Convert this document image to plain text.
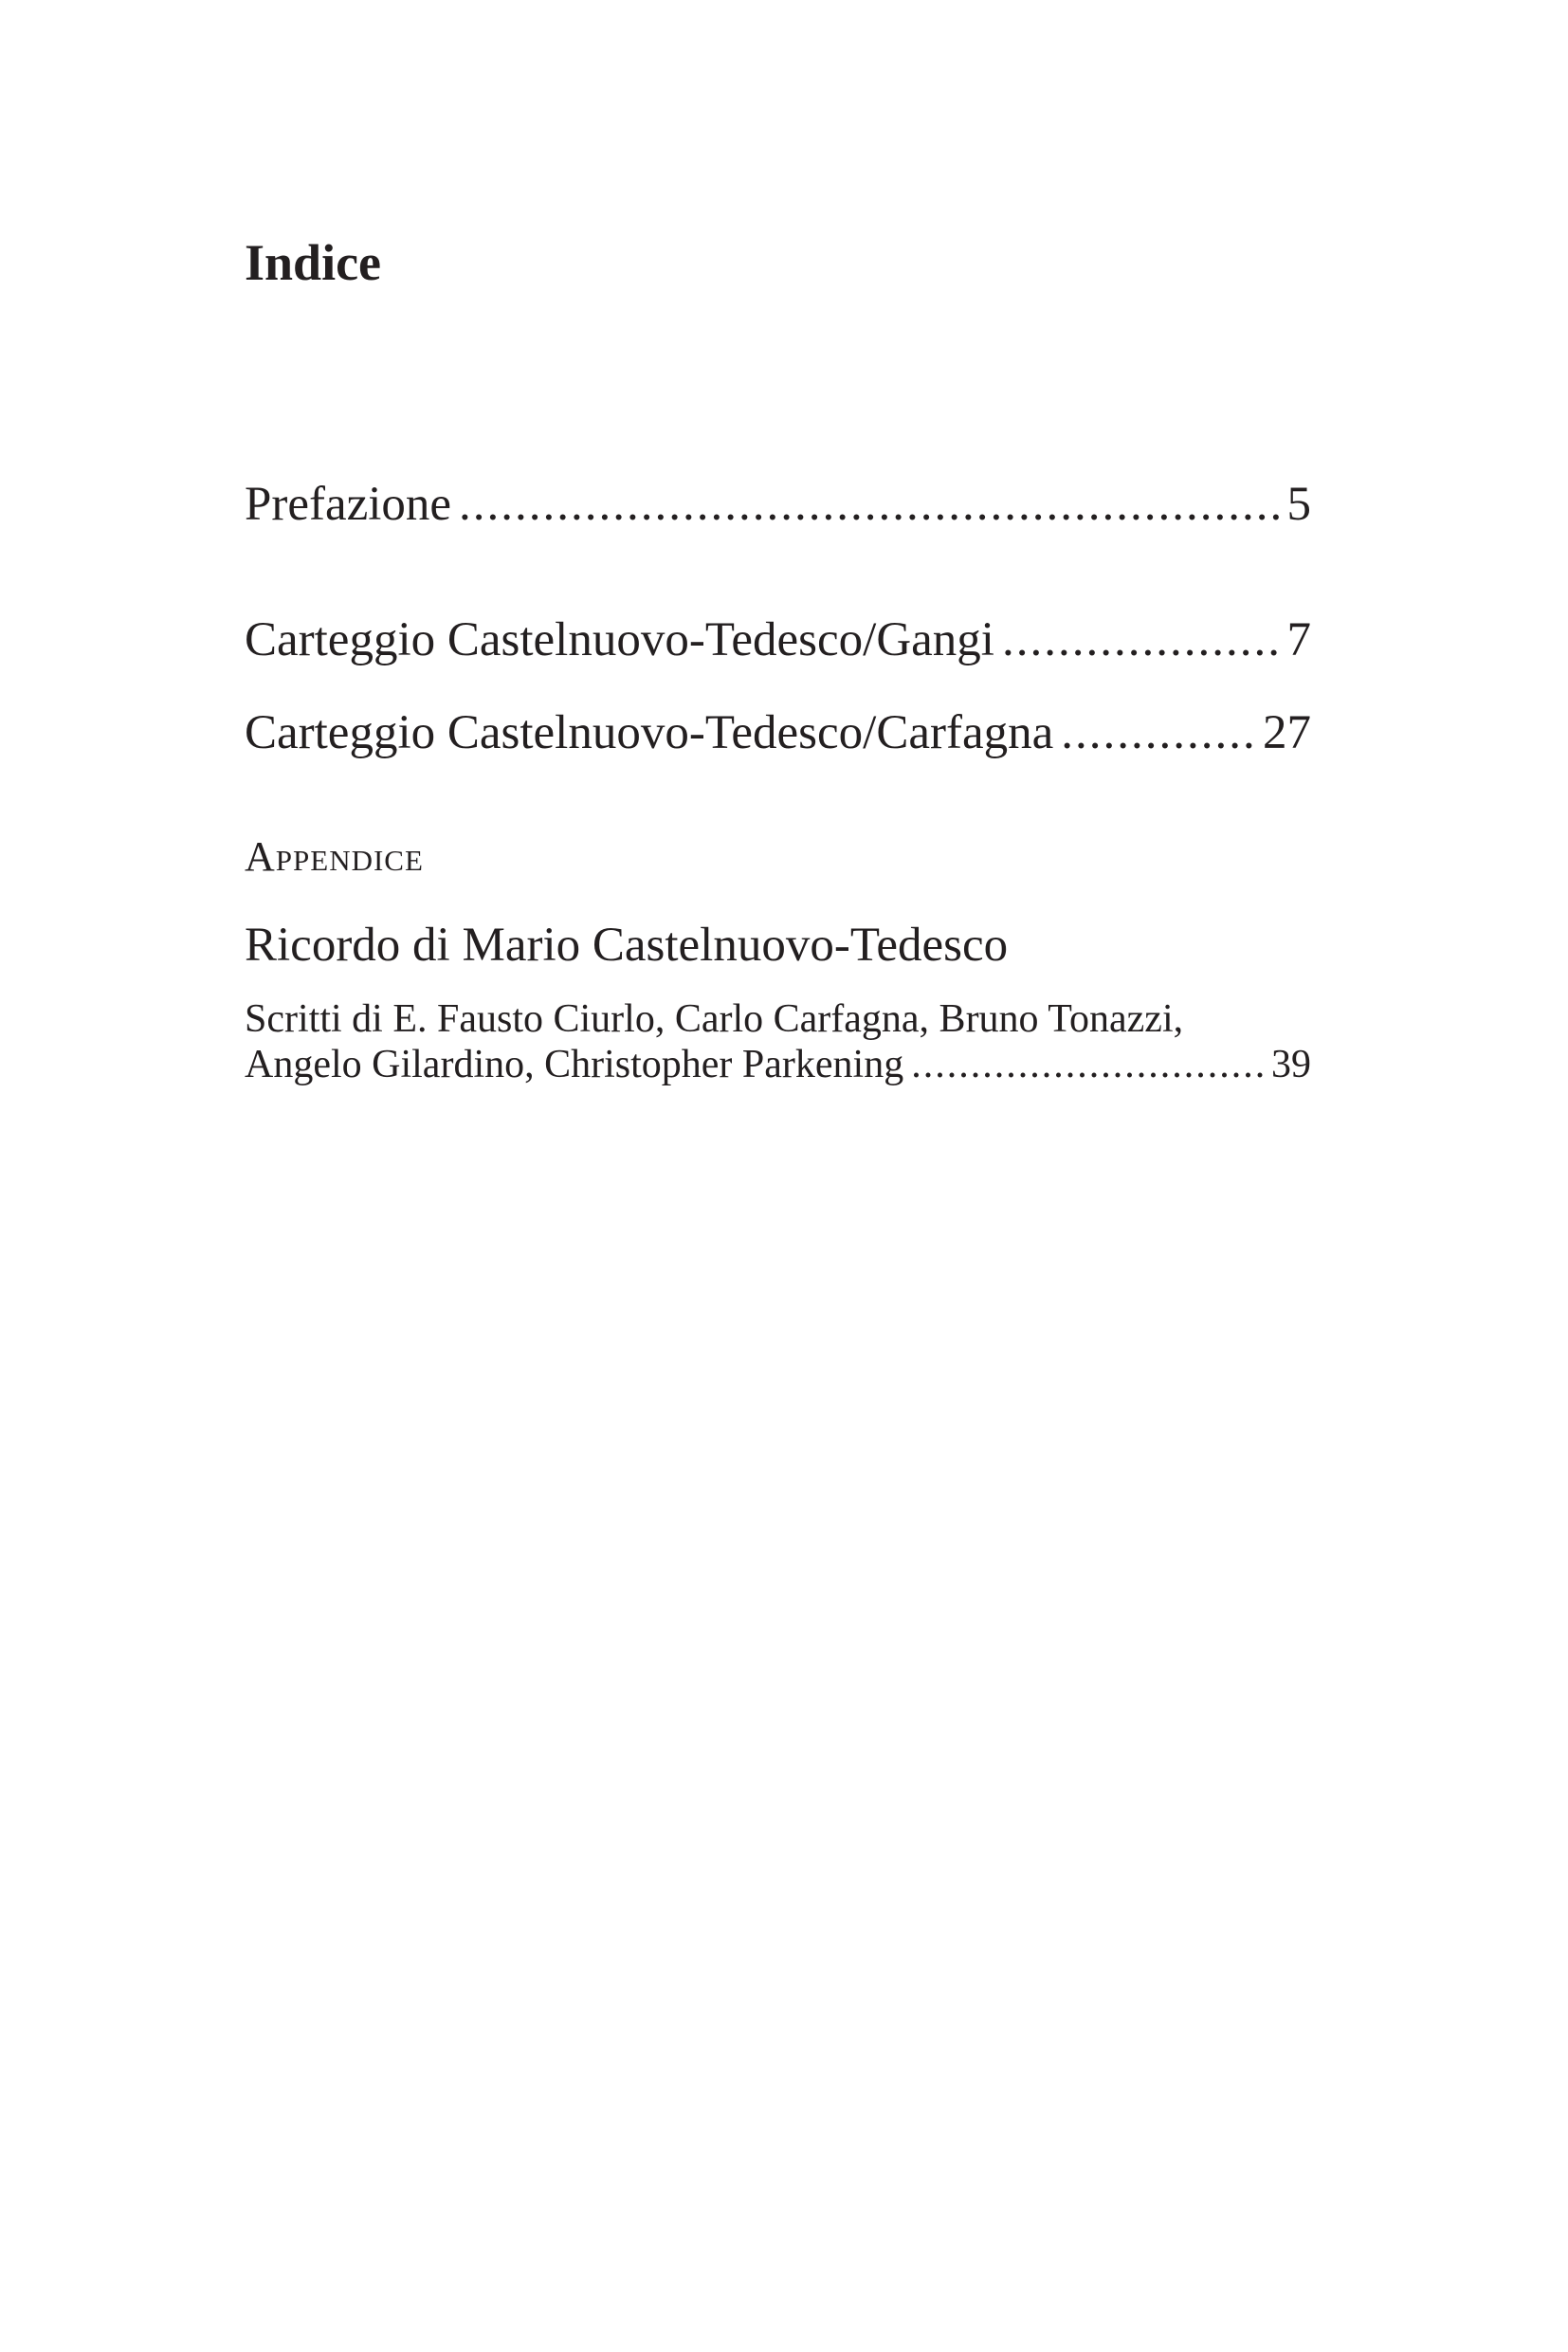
Indice
Prefazione .....	5
Carteggio Castelnuovo-Tedesco/Gangi .....	7
Carteggio Castelnuovo-Tedesco/Carfagna .....	27
Appendice
Ricordo di Mario Castelnuovo-Tedesco
Scritti di E. Fausto Ciurlo, Carlo Carfagna, Bruno Tonazzi,
Angelo Gilardino, Christopher Parkening .....	39
